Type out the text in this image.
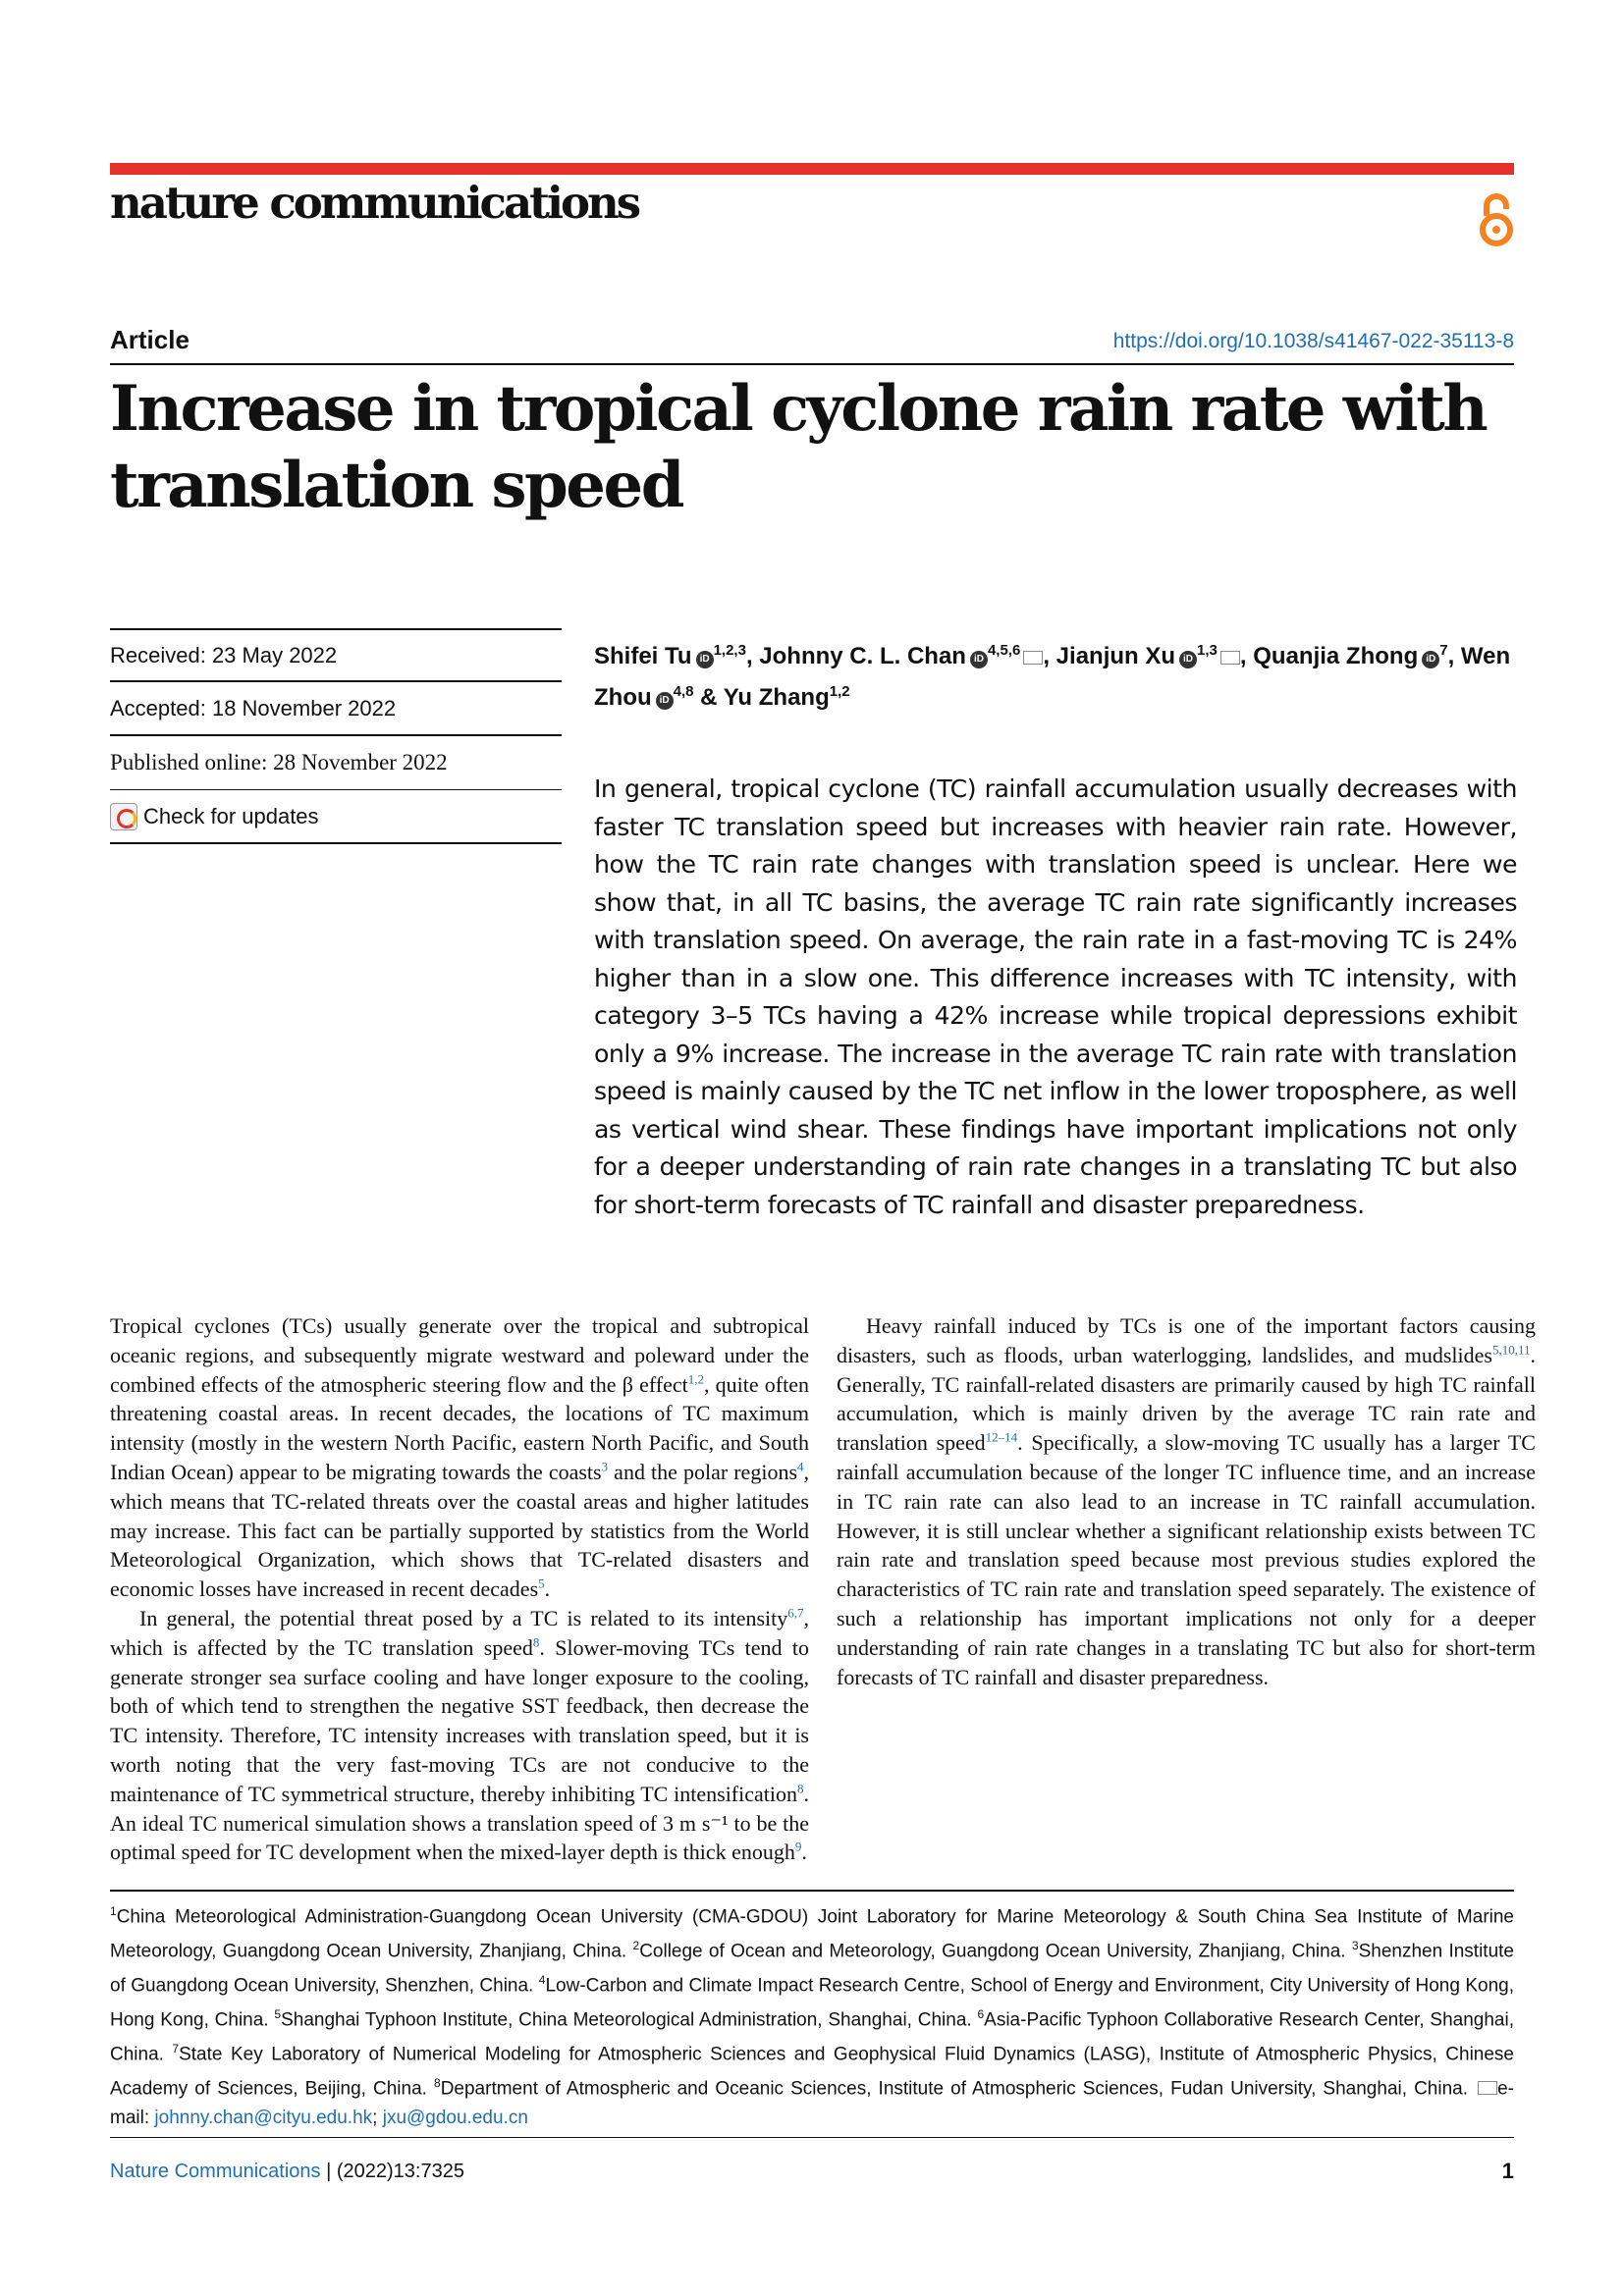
nature communications
Article	https://doi.org/10.1038/s41467-022-35113-8
Increase in tropical cyclone rain rate with translation speed
Received: 23 May 2022
Accepted: 18 November 2022
Published online: 28 November 2022
Check for updates
Shifei Tu iD$^{1,2,3}$, Johnny C. L. Chan iD$^{4,5,6}$ , Jianjun Xu iD$^{1,3}$ , Quanjia Zhong $iD^7$, Wen Zhou iD$^{4,8}$ & Yu Zhang$^{1,2}$

In general, tropical cyclone (TC) rainfall accumulation usually decreases with faster TC translation speed but increases with heavier rain rate. However, how the TC rain rate changes with translation speed is unclear. Here we show that, in all TC basins, the average TC rain rate significantly increases with translation speed. On average, the rain rate in a fast-moving TC is 24% higher than in a slow one. This difference increases with TC intensity, with category 3–5 TCs having a 42% increase while tropical depressions exhibit only a 9% increase. The increase in the average TC rain rate with translation speed is mainly caused by the TC net inflow in the lower troposphere, as well as vertical wind shear. These findings have important implications not only for a deeper understanding of rain rate changes in a translating TC but also for short-term forecasts of TC rainfall and disaster preparedness.

Tropical cyclones (TCs) usually generate over the tropical and subtropical oceanic regions, and subsequently migrate westward and poleward under the combined effects of the atmospheric steering flow and the β effect$^{1,2}$, quite often threatening coastal areas. In recent decades, the locations of TC maximum intensity (mostly in the western North Pacific, eastern North Pacific, and South Indian Ocean) appear to be migrating towards the coasts$^3$ and the polar regions$^4$, which means that TC-related threats over the coastal areas and higher latitudes may increase. This fact can be partially supported by statistics from the World Meteorological Organization, which shows that TC-related disasters and economic losses have increased in recent decades$^5$.

In general, the potential threat posed by a TC is related to its intensity$^{6,7}$, which is affected by the TC translation speed$^8$. Slower-moving TCs tend to generate stronger sea surface cooling and have longer exposure to the cooling, both of which tend to strengthen the negative SST feedback, then decrease the TC intensity. Therefore, TC intensity increases with translation speed, but it is worth noting that the very fast-moving TCs are not conducive to the maintenance of TC symmetrical structure, thereby inhibiting TC intensification$^8$. An ideal TC numerical simulation shows a translation speed of 3 m s⁻¹ to be the optimal speed for TC development when the mixed-layer depth is thick enough$^9$.

Heavy rainfall induced by TCs is one of the important factors causing disasters, such as floods, urban waterlogging, landslides, and mudslides$^{5,10,11}$. Generally, TC rainfall-related disasters are primarily caused by high TC rainfall accumulation, which is mainly driven by the average TC rain rate and translation speed$^{12-14}$. Specifically, a slow-moving TC usually has a larger TC rainfall accumulation because of the longer TC influence time, and an increase in TC rain rate can also lead to an increase in TC rainfall accumulation. However, it is still unclear whether a significant relationship exists between TC rain rate and translation speed because most previous studies explored the characteristics of TC rain rate and translation speed separately. The existence of such a relationship has important implications not only for a deeper understanding of rain rate changes in a translating TC but also for short-term forecasts of TC rainfall and disaster preparedness.

$^1$China Meteorological Administration-Guangdong Ocean University (CMA-GDOU) Joint Laboratory for Marine Meteorology & South China Sea Institute of Marine Meteorology, Guangdong Ocean University, Zhanjiang, China. $^2$College of Ocean and Meteorology, Guangdong Ocean University, Zhanjiang, China. $^3$Shenzhen Institute of Guangdong Ocean University, Shenzhen, China. $^4$Low-Carbon and Climate Impact Research Centre, School of Energy and Environment, City University of Hong Kong, Hong Kong, China. $^5$Shanghai Typhoon Institute, China Meteorological Administration, Shanghai, China. $^6$Asia-Pacific Typhoon Collaborative Research Center, Shanghai, China. $^7$State Key Laboratory of Numerical Modeling for Atmospheric Sciences and Geophysical Fluid Dynamics (LASG), Institute of Atmospheric Physics, Chinese Academy of Sciences, Beijing, China. $^8$Department of Atmospheric and Oceanic Sciences, Institute of Atmospheric Sciences, Fudan University, Shanghai, China. e-mail: johnny.chan@cityu.edu.hk; jxu@gdou.edu.cn

Nature Communications | (2022)13:7325	1
